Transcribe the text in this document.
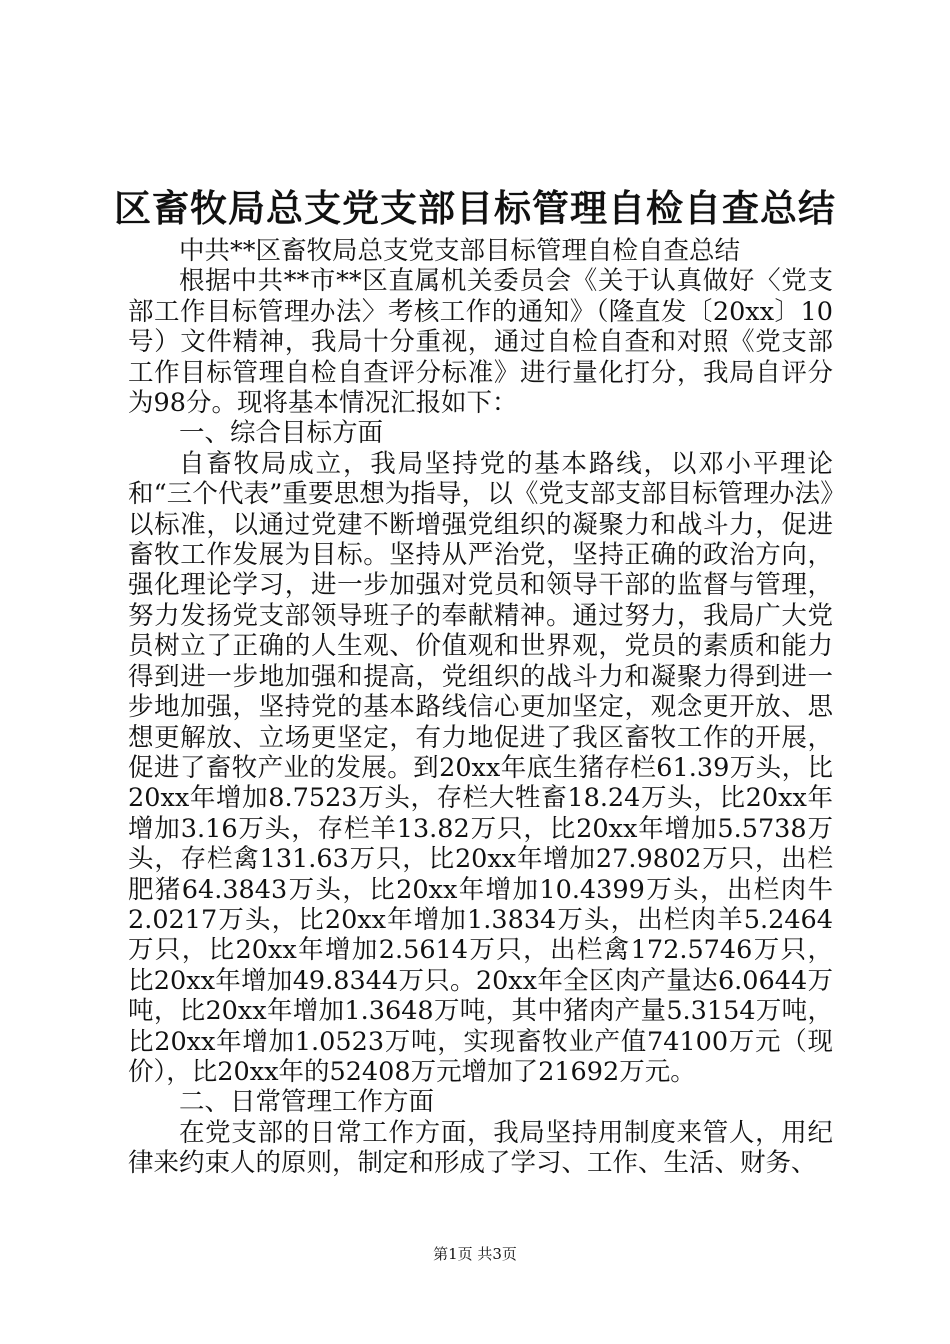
区畜牧局总支党支部目标管理自检自查总结

中共**区畜牧局总支党支部目标管理自检自查总结

根据中共**市**区直属机关委员会《关于认真做好〈党支部工作目标管理办法〉考核工作的通知》（隆直发〔20xx〕10号）文件精神，我局十分重视，通过自检自查和对照《党支部工作目标管理自检自查评分标准》进行量化打分，我局自评分为98分。现将基本情况汇报如下：

一、综合目标方面

自畜牧局成立，我局坚持党的基本路线，以邓小平理论和“三个代表”重要思想为指导，以《党支部支部目标管理办法》以标准，以通过党建不断增强党组织的凝聚力和战斗力，促进畜牧工作发展为目标。坚持从严治党，坚持正确的政治方向，强化理论学习，进一步加强对党员和领导干部的监督与管理，努力发扬党支部领导班子的奉献精神。通过努力，我局广大党员树立了正确的人生观、价值观和世界观，党员的素质和能力得到进一步地加强和提高，党组织的战斗力和凝聚力得到进一步地加强，坚持党的基本路线信心更加坚定，观念更开放、思想更解放、立场更坚定，有力地促进了我区畜牧工作的开展，促进了畜牧产业的发展。到20xx年底生猪存栏61.39万头，比20xx年增加8.7523万头，存栏大牲畜18.24万头，比20xx年增加3.16万头，存栏羊13.82万只，比20xx年增加5.5738万头，存栏禽131.63万只，比20xx年增加27.9802万只，出栏肥猪64.3843万头，比20xx年增加10.4399万头，出栏肉牛2.0217万头，比20xx年增加1.3834万头，出栏肉羊5.2464万只，比20xx年增加2.5614万只，出栏禽172.5746万只，比20xx年增加49.8344万只。20xx年全区肉产量达6.0644万吨，比20xx年增加1.3648万吨，其中猪肉产量5.3154万吨，比20xx年增加1.0523万吨，实现畜牧业产值74100万元（现价），比20xx年的52408万元增加了21692万元。

二、日常管理工作方面

在党支部的日常工作方面，我局坚持用制度来管人，用纪律来约束人的原则，制定和形成了学习、工作、生活、财务、

第1页 共3页
